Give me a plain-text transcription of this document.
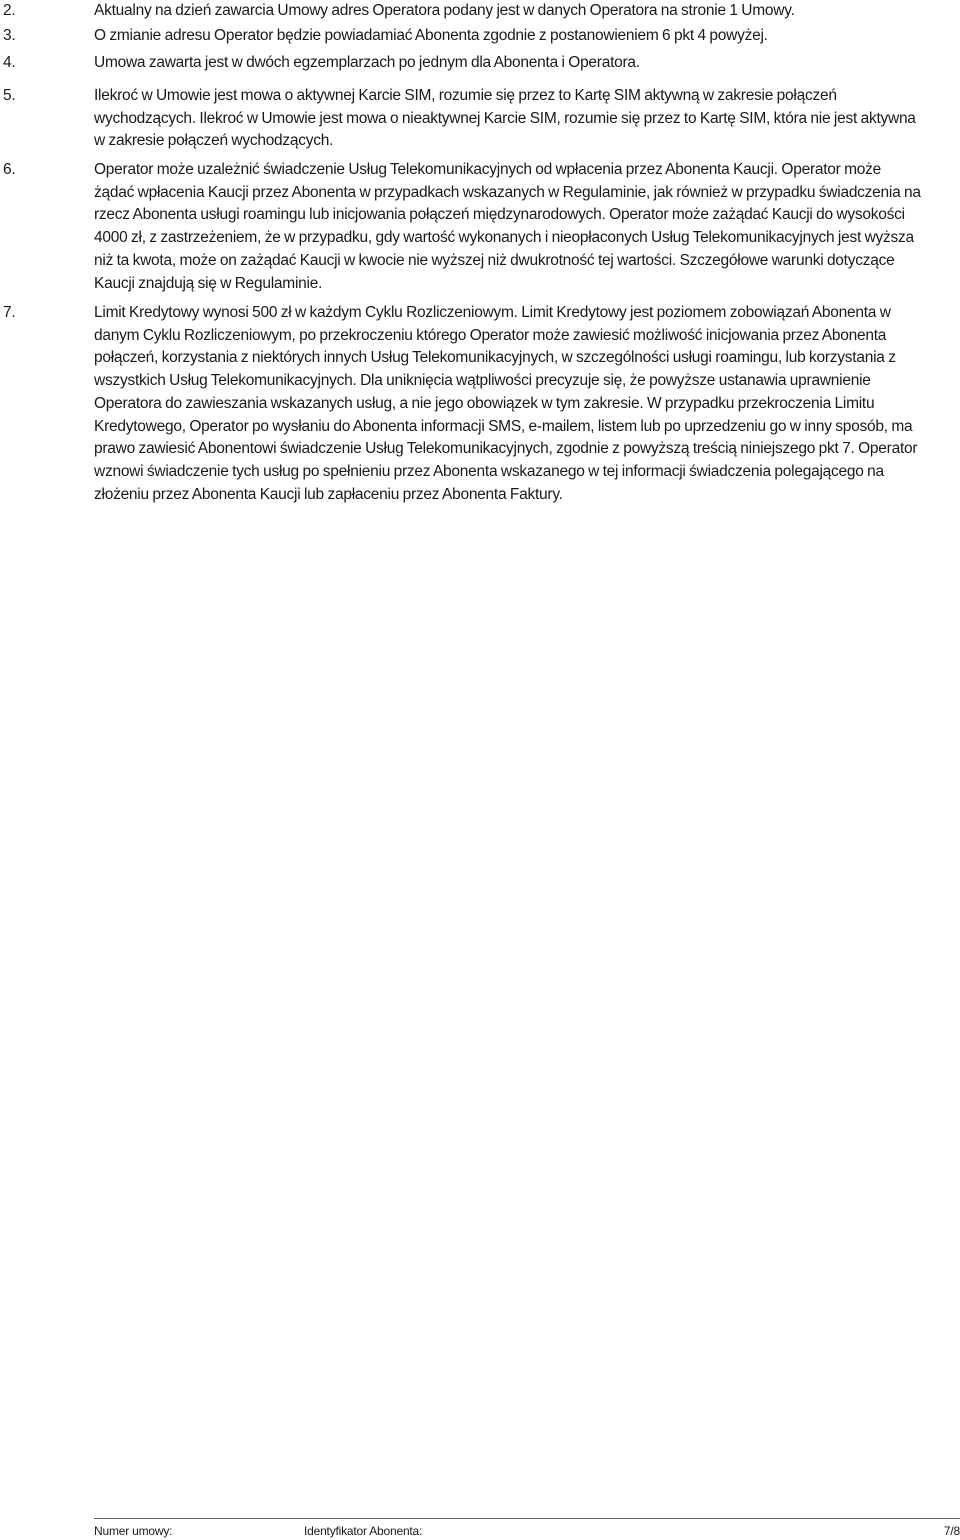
2.	Aktualny na dzień zawarcia Umowy adres Operatora podany jest w danych Operatora na stronie 1 Umowy.
3.	O zmianie adresu Operator będzie powiadamiać Abonenta zgodnie z postanowieniem 6 pkt 4 powyżej.
4.	Umowa zawarta jest w dwóch egzemplarzach po jednym dla Abonenta i Operatora.
5.	Ilekroć w Umowie jest mowa o aktywnej Karcie SIM, rozumie się przez to Kartę SIM aktywną w zakresie połączeń
wychodzących. Ilekroć w Umowie jest mowa o nieaktywnej Karcie SIM, rozumie się przez to Kartę SIM, która nie jest aktywna
w zakresie połączeń wychodzących.
6.	Operator może uzależnić świadczenie Usług Telekomunikacyjnych od wpłacenia przez Abonenta Kaucji. Operator może
żądać wpłacenia Kaucji przez Abonenta w przypadkach wskazanych w Regulaminie, jak również w przypadku świadczenia na
rzecz Abonenta usługi roamingu lub inicjowania połączeń międzynarodowych. Operator może zażądać Kaucji do wysokości
4000 zł, z zastrzeżeniem, że w przypadku, gdy wartość wykonanych i nieopłaconych Usług Telekomunikacyjnych jest wyższa
niż ta kwota, może on zażądać Kaucji w kwocie nie wyższej niż dwukrotność tej wartości. Szczegółowe warunki dotyczące
Kaucji znajdują się w Regulaminie.
7.	Limit Kredytowy wynosi 500 zł w każdym Cyklu Rozliczeniowym. Limit Kredytowy jest poziomem zobowiązań Abonenta w
danym Cyklu Rozliczeniowym, po przekroczeniu którego Operator może zawiesić możliwość inicjowania przez Abonenta
połączeń, korzystania z niektórych innych Usług Telekomunikacyjnych, w szczególności usługi roamingu, lub korzystania z
wszystkich Usług Telekomunikacyjnych. Dla uniknięcia wątpliwości precyzuje się, że powyższe ustanawia uprawnienie
Operatora do zawieszania wskazanych usług, a nie jego obowiązek w tym zakresie. W przypadku przekroczenia Limitu
Kredytowego, Operator po wysłaniu do Abonenta informacji SMS, e-mailem, listem lub po uprzedzeniu go w inny sposób, ma
prawo zawiesić Abonentowi świadczenie Usług Telekomunikacyjnych, zgodnie z powyższą treścią niniejszego pkt 7. Operator
wznowi świadczenie tych usług po spełnieniu przez Abonenta wskazanego w tej informacji świadczenia polegającego na
złożeniu przez Abonenta Kaucji lub zapłaceniu przez Abonenta Faktury.
Numer umowy:	Identyfikator Abonenta:	7/8
